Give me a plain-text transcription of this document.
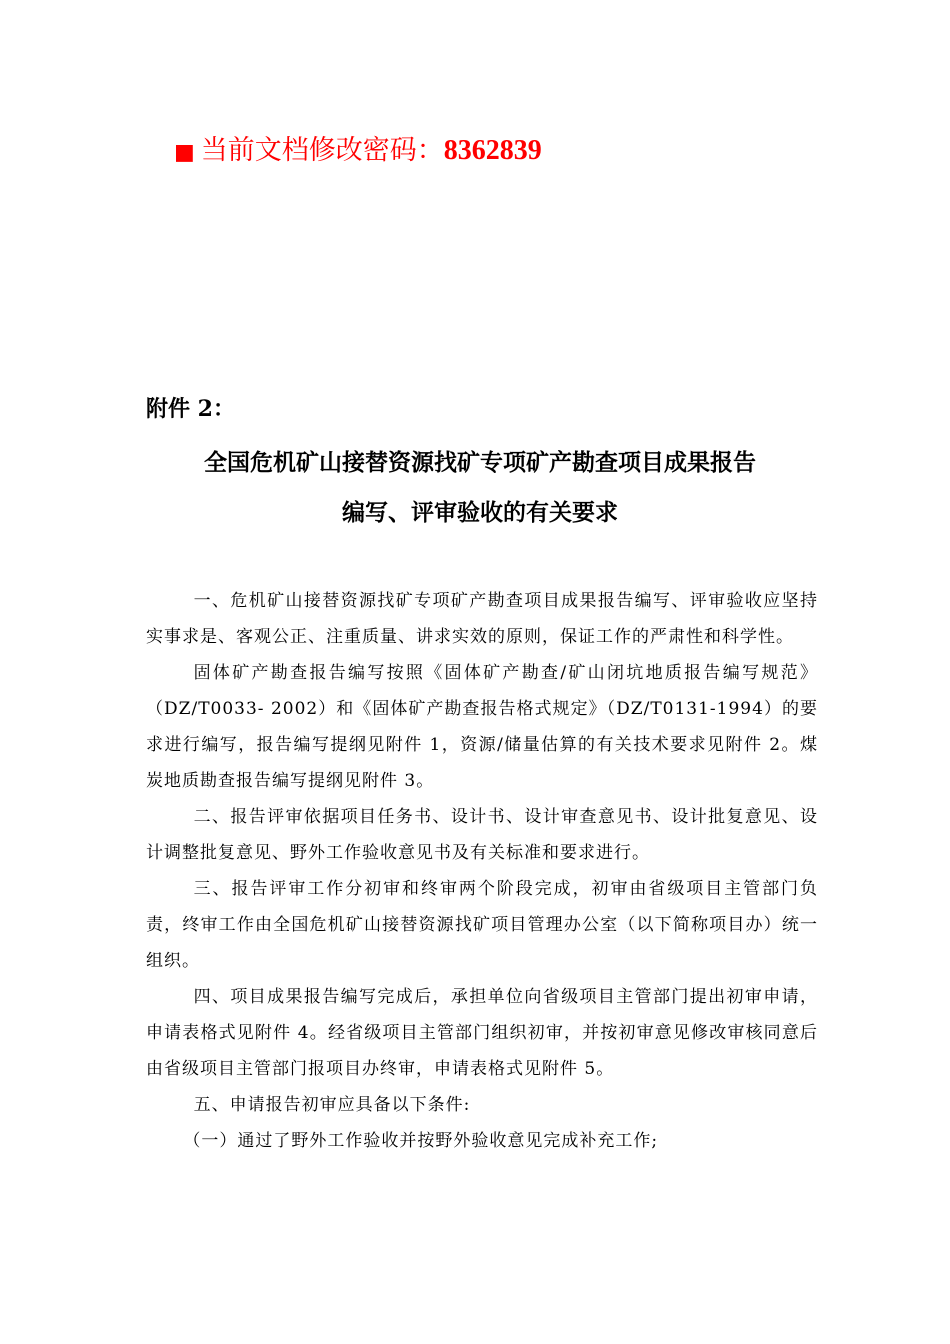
■ 当前文档修改密码：8362839
附件 2：
全国危机矿山接替资源找矿专项矿产勘查项目成果报告
编写、评审验收的有关要求

一、危机矿山接替资源找矿专项矿产勘查项目成果报告编写、评审验收应坚持实事求是、客观公正、注重质量、讲求实效的原则，保证工作的严肃性和科学性。

固体矿产勘查报告编写按照《固体矿产勘查/矿山闭坑地质报告编写规范》（DZ/T0033- 2002）和《固体矿产勘查报告格式规定》（DZ/T0131-1994）的要求进行编写，报告编写提纲见附件 1，资源/储量估算的有关技术要求见附件 2。煤炭地质勘查报告编写提纲见附件 3。

二、报告评审依据项目任务书、设计书、设计审查意见书、设计批复意见、设计调整批复意见、野外工作验收意见书及有关标准和要求进行。

三、报告评审工作分初审和终审两个阶段完成，初审由省级项目主管部门负责，终审工作由全国危机矿山接替资源找矿项目管理办公室（以下简称项目办）统一组织。

四、项目成果报告编写完成后，承担单位向省级项目主管部门提出初审申请，申请表格式见附件 4。经省级项目主管部门组织初审，并按初审意见修改审核同意后由省级项目主管部门报项目办终审，申请表格式见附件 5。

五、申请报告初审应具备以下条件:

（一）通过了野外工作验收并按野外验收意见完成补充工作;
